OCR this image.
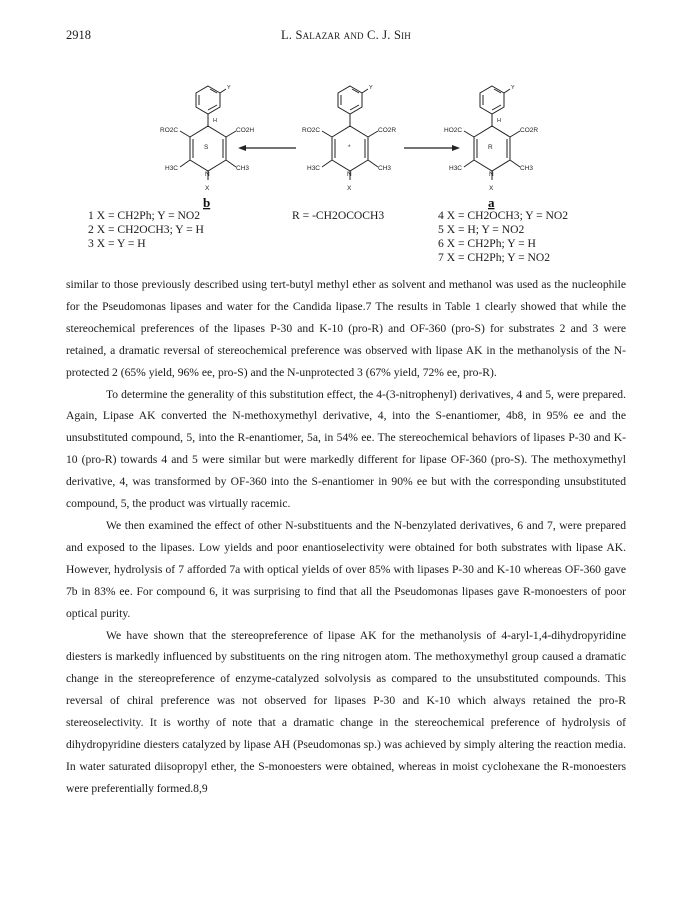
2918	L. Salazar and C. J. Sih
Y
H
RO2C	CO2H
S
H3C	CH3
N
X
b
Y
RO2C	CO2R
*
H3C	CH3
N
X
Y
H
HO2C	CO2R
R
H3C	CH3
N
X
a
1 X = CH2Ph; Y = NO2
2 X = CH2OCH3; Y = H
3 X = Y = H
R = -CH2OCOCH3	4 X = CH2OCH3; Y = NO2
5 X = H; Y = NO2
6 X = CH2Ph; Y = H
7 X = CH2Ph; Y = NO2

similar to those previously described using tert-butyl methyl ether as solvent and methanol was used as the nucleophile for the Pseudomonas lipases and water for the Candida lipase.7 The results in Table 1 clearly showed that while the stereochemical preferences of the lipases P-30 and K-10 (pro-R) and OF-360 (pro-S) for substrates 2 and 3 were retained, a dramatic reversal of stereochemical preference was observed with lipase AK in the methanolysis of the N-protected 2 (65% yield, 96% ee, pro-S) and the N-unprotected 3 (67% yield, 72% ee, pro-R).

To determine the generality of this substitution effect, the 4-(3-nitrophenyl) derivatives, 4 and 5, were prepared. Again, Lipase AK converted the N-methoxymethyl derivative, 4, into the S-enantiomer, 4b8, in 95% ee and the unsubstituted compound, 5, into the R-enantiomer, 5a, in 54% ee. The stereochemical behaviors of lipases P-30 and K-10 (pro-R) towards 4 and 5 were similar but were markedly different for lipase OF-360 (pro-S). The methoxymethyl derivative, 4, was transformed by OF-360 into the S-enantiomer in 90% ee but with the corresponding unsubstituted compound, 5, the product was virtually racemic.

We then examined the effect of other N-substituents and the N-benzylated derivatives, 6 and 7, were prepared and exposed to the lipases. Low yields and poor enantioselectivity were obtained for both substrates with lipase AK. However, hydrolysis of 7 afforded 7a with optical yields of over 85% with lipases P-30 and K-10 whereas OF-360 gave 7b in 83% ee. For compound 6, it was surprising to find that all the Pseudomonas lipases gave R-monoesters of poor optical purity.

We have shown that the stereopreference of lipase AK for the methanolysis of 4-aryl-1,4-dihydropyridine diesters is markedly influenced by substituents on the ring nitrogen atom. The methoxymethyl group caused a dramatic change in the stereopreference of enzyme-catalyzed solvolysis as compared to the unsubstituted compounds. This reversal of chiral preference was not observed for lipases P-30 and K-10 which always retained the pro-R stereoselectivity. It is worthy of note that a dramatic change in the stereochemical preference of hydrolysis of dihydropyridine diesters catalyzed by lipase AH (Pseudomonas sp.) was achieved by simply altering the reaction media. In water saturated diisopropyl ether, the S-monoesters were obtained, whereas in moist cyclohexane the R-monoesters were preferentially formed.8,9
